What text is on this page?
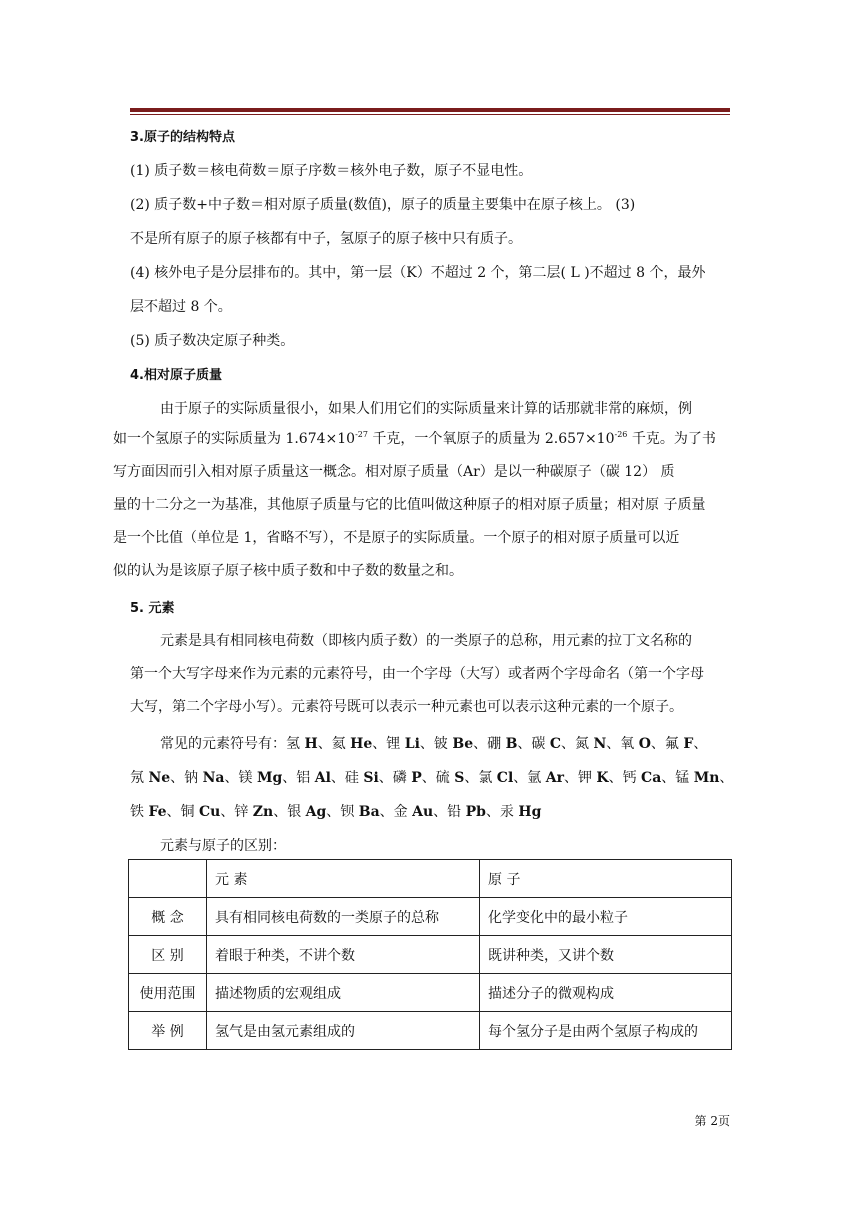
3.原子的结构特点
(1) 质子数＝核电荷数＝原子序数＝核外电子数，原子不显电性。
(2) 质子数+中子数＝相对原子质量(数值)，原子的质量主要集中在原子核上。 (3)
不是所有原子的原子核都有中子，氢原子的原子核中只有质子。
(4) 核外电子是分层排布的。其中，第一层（K）不超过 2 个，第二层( L )不超过 8 个，最外
层不超过 8 个。
(5) 质子数决定原子种类。
4.相对原子质量
由于原子的实际质量很小，如果人们用它们的实际质量来计算的话那就非常的麻烦，例
如一个氢原子的实际质量为 $1.674\times 10^{-27}$ 千克，一个氧原子的质量为 $2.657\times 10^{-26}$ 千克。为了书
写方面因而引入相对原子质量这一概念。相对原子质量（Ar）是以一种碳原子（碳 12） 质
量的十二分之一为基准，其他原子质量与它的比值叫做这种原子的相对原子质量；相对原 子质量
是一个比值（单位是 1，省略不写），不是原子的实际质量。一个原子的相对原子质量可以近
似的认为是该原子原子核中质子数和中子数的数量之和。
5. 元素
元素是具有相同核电荷数（即核内质子数）的一类原子的总称，用元素的拉丁文名称的
第一个大写字母来作为元素的元素符号，由一个字母（大写）或者两个字母命名（第一个字母
大写，第二个字母小写）。元素符号既可以表示一种元素也可以表示这种元素的一个原子。
常见的元素符号有：氢 H、氦 He、锂 Li、铍 Be、硼 B、碳 C、氮 N、氧 O、氟 F、
氖 Ne、钠 Na、镁 Mg、铝 Al、硅 Si、磷 P、硫 S、氯 Cl、氩 Ar、钾 K、钙 Ca、锰 Mn、
铁 Fe、铜 Cu、锌 Zn、银 Ag、钡 Ba、金 Au、铅 Pb、汞 Hg
元素与原子的区别：
	元 素	原 子
概 念	具有相同核电荷数的一类原子的总称	化学变化中的最小粒子
区 别	着眼于种类，不讲个数	既讲种类，又讲个数
使用范围	描述物质的宏观组成	描述分子的微观构成
举 例	氢气是由氢元素组成的	每个氢分子是由两个氢原子构成的
第 2页
